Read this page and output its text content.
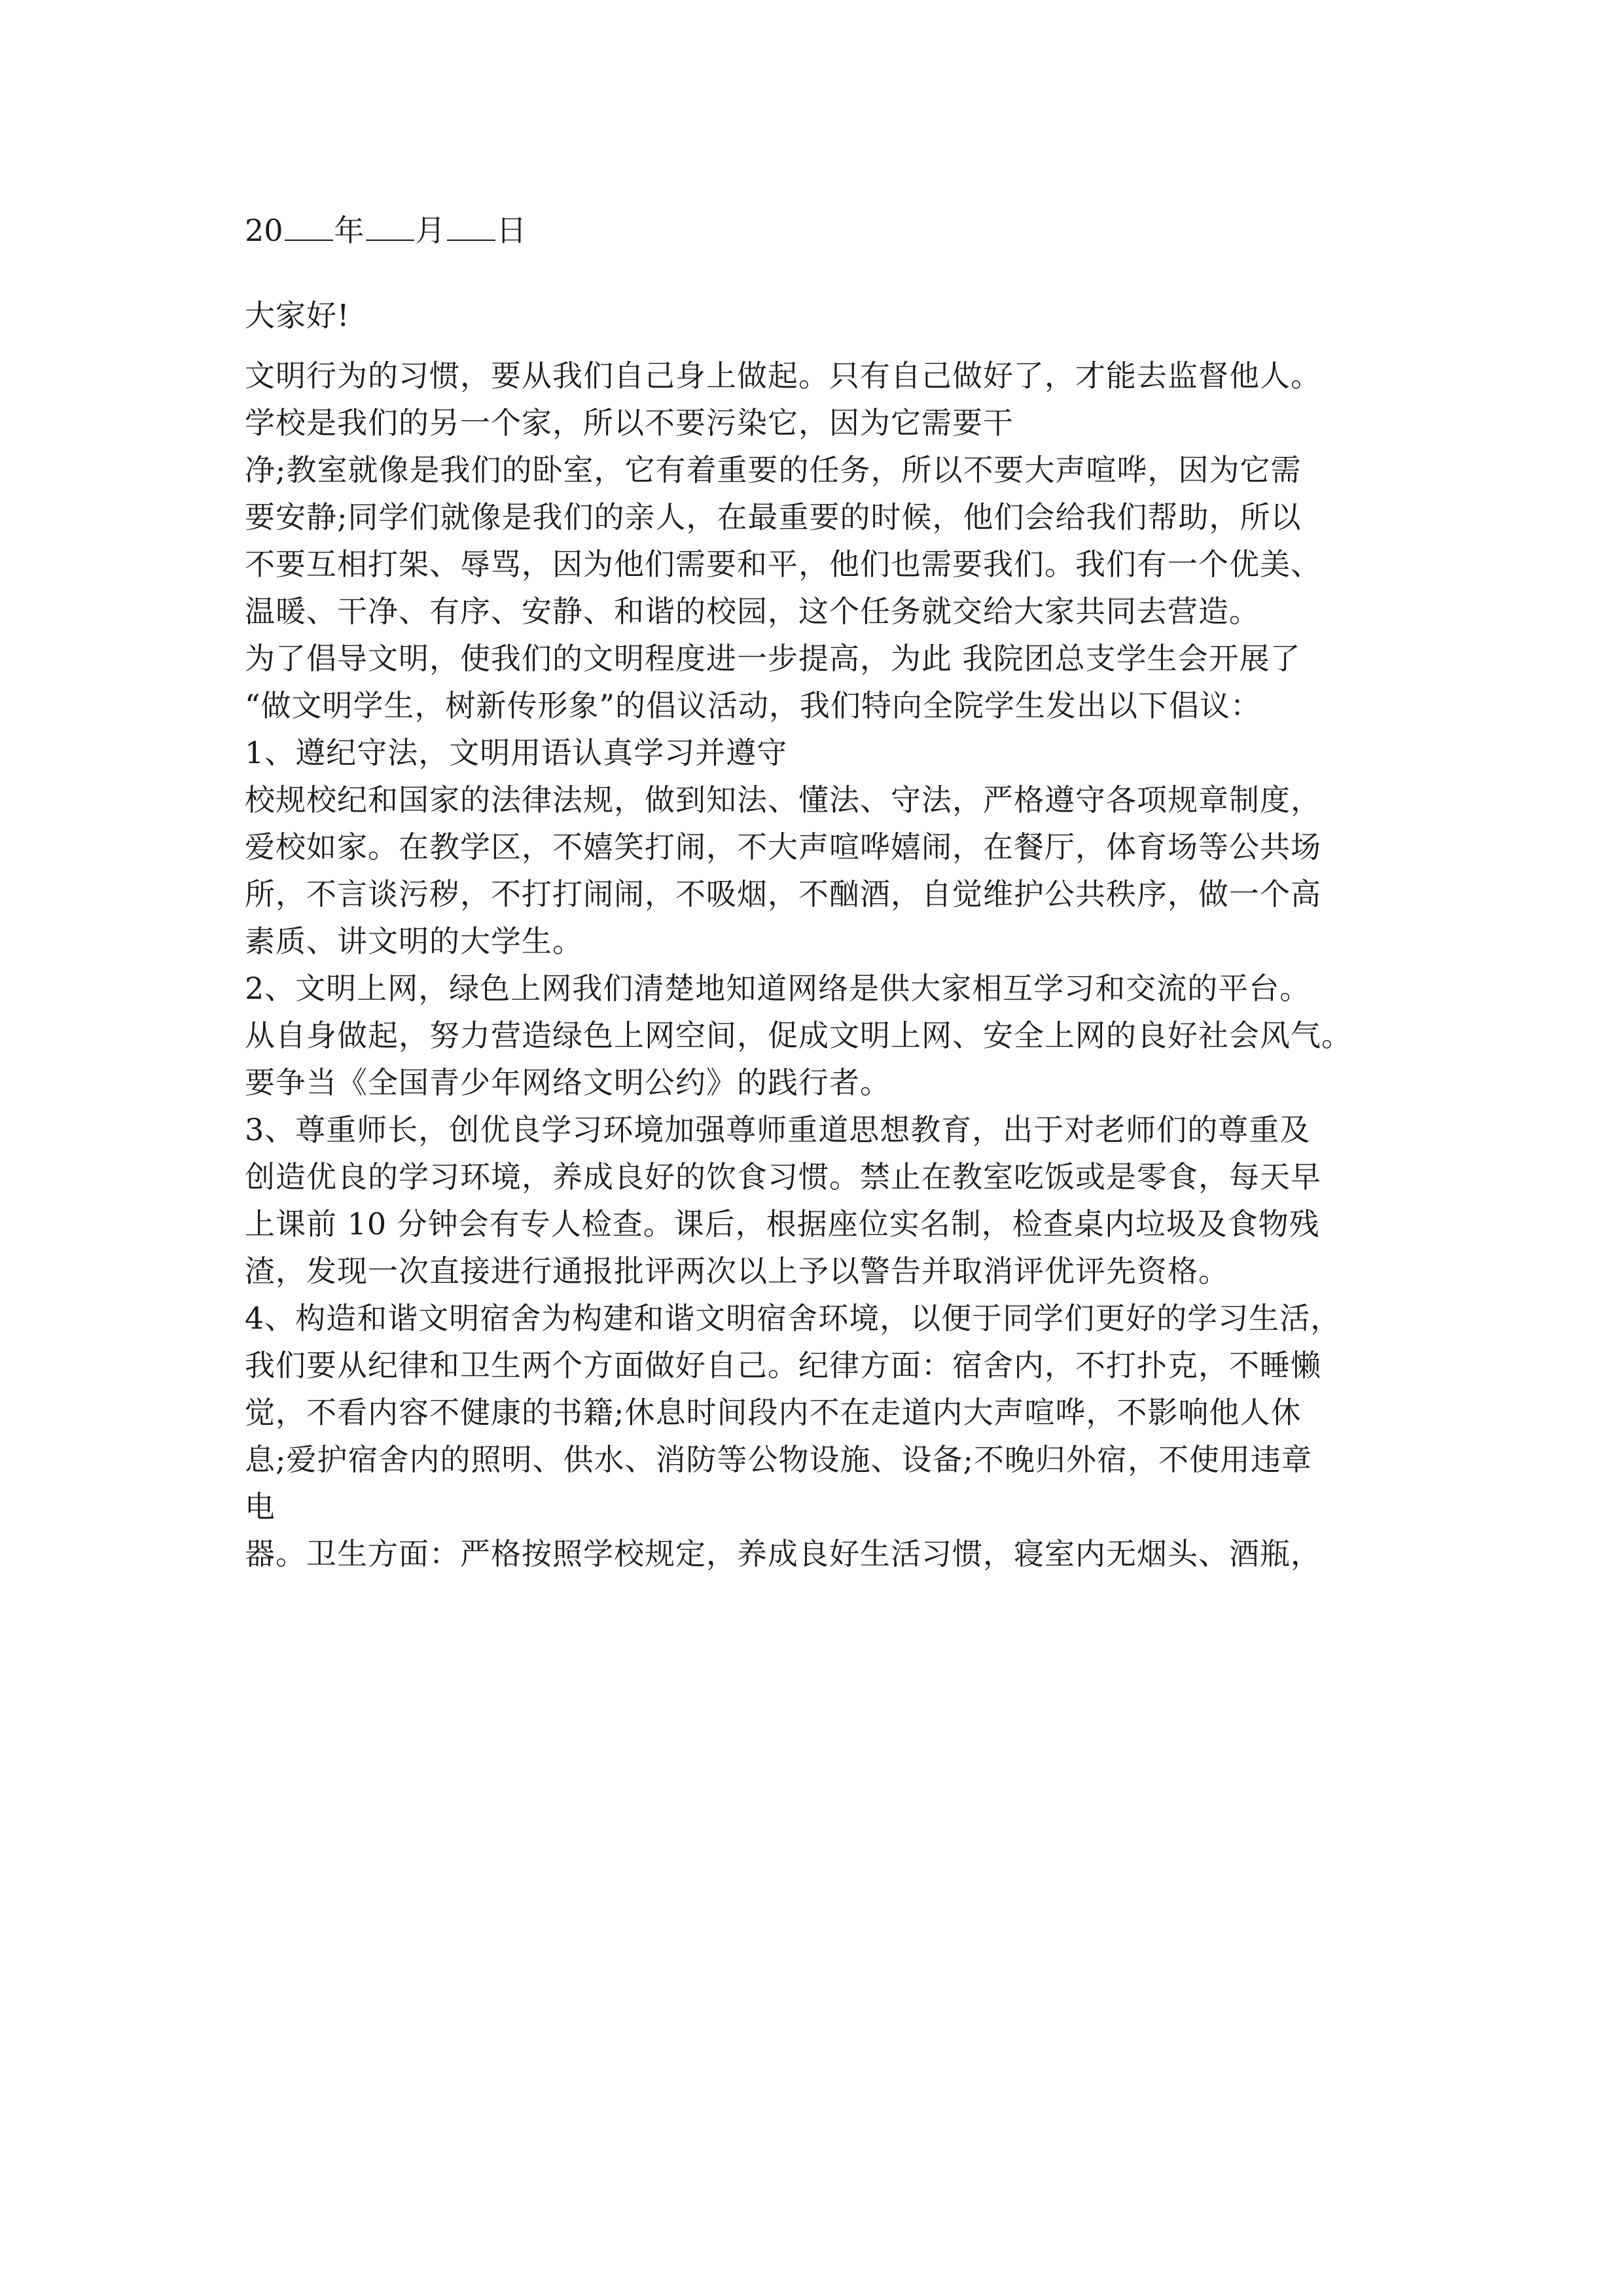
20 年 月 日
大家好!
文明行为的习惯，要从我们自己身上做起。只有自己做好了，才能去监督他人。
学校是我们的另一个家，所以不要污染它，因为它需要干
净;教室就像是我们的卧室，它有着重要的任务，所以不要大声喧哗，因为它需
要安静;同学们就像是我们的亲人，在最重要的时候，他们会给我们帮助，所以
不要互相打架、辱骂，因为他们需要和平，他们也需要我们。我们有一个优美、
温暖、干净、有序、安静、和谐的校园，这个任务就交给大家共同去营造。
为了倡导文明，使我们的文明程度进一步提高，为此 我院团总支学生会开展了
“做文明学生，树新传形象”的倡议活动，我们特向全院学生发出以下倡议：
1、遵纪守法，文明用语认真学习并遵守
校规校纪和国家的法律法规，做到知法、懂法、守法，严格遵守各项规章制度，
爱校如家。在教学区，不嬉笑打闹，不大声喧哗嬉闹，在餐厅，体育场等公共场
所，不言谈污秽，不打打闹闹，不吸烟，不酗酒，自觉维护公共秩序，做一个高
素质、讲文明的大学生。
2、文明上网，绿色上网我们清楚地知道网络是供大家相互学习和交流的平台。
从自身做起，努力营造绿色上网空间，促成文明上网、安全上网的良好社会风气。
要争当《全国青少年网络文明公约》的践行者。
3、尊重师长，创优良学习环境加强尊师重道思想教育，出于对老师们的尊重及
创造优良的学习环境，养成良好的饮食习惯。禁止在教室吃饭或是零食，每天早
上课前 10 分钟会有专人检查。课后，根据座位实名制，检查桌内垃圾及食物残
渣，发现一次直接进行通报批评两次以上予以警告并取消评优评先资格。
4、构造和谐文明宿舍为构建和谐文明宿舍环境，以便于同学们更好的学习生活，
我们要从纪律和卫生两个方面做好自己。纪律方面：宿舍内，不打扑克，不睡懒
觉，不看内容不健康的书籍;休息时间段内不在走道内大声喧哗，不影响他人休
息;爱护宿舍内的照明、供水、消防等公物设施、设备;不晚归外宿，不使用违章
电
器。卫生方面：严格按照学校规定，养成良好生活习惯，寝室内无烟头、酒瓶，
